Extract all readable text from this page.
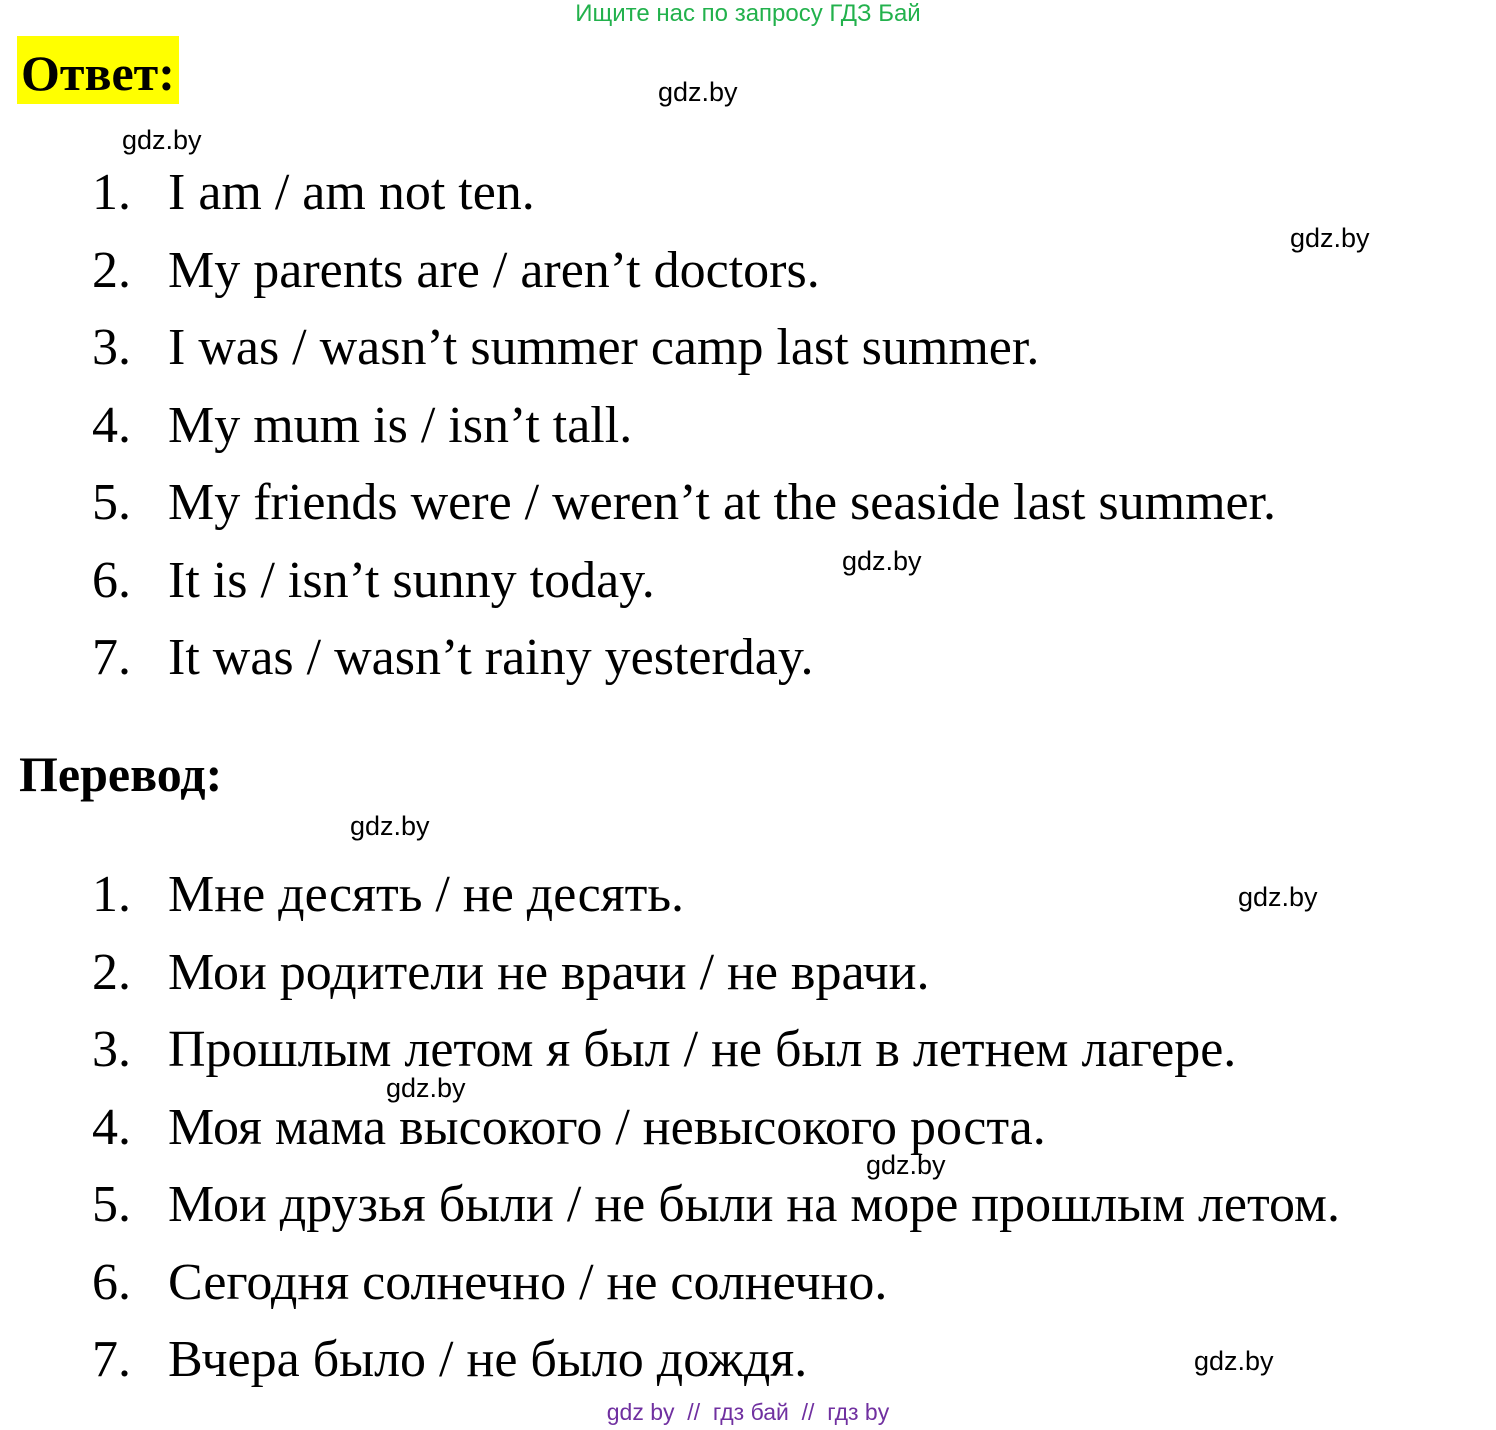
Ищите нас по запросу ГДЗ Бай
Ответ:
1. I am / am not ten.
2. My parents are / aren’t doctors.
3. I was / wasn’t summer camp last summer.
4. My mum is / isn’t tall.
5. My friends were / weren’t at the seaside last summer.
6. It is / isn’t sunny today.
7. It was / wasn’t rainy yesterday.
Перевод:
1. Мне десять / не десять.
2. Мои родители не врачи / не врачи.
3. Прошлым летом я был / не был в летнем лагере.
4. Моя мама высокого / невысокого роста.
5. Мои друзья были / не были на море прошлым летом.
6. Сегодня солнечно / не солнечно.
7. Вчера было / не было дождя.
gdz.by
gdz.by
gdz.by
gdz.by
gdz.by
gdz.by
gdz.by
gdz.by
gdz.by
gdz by  //  гдз бай  //  гдз by
